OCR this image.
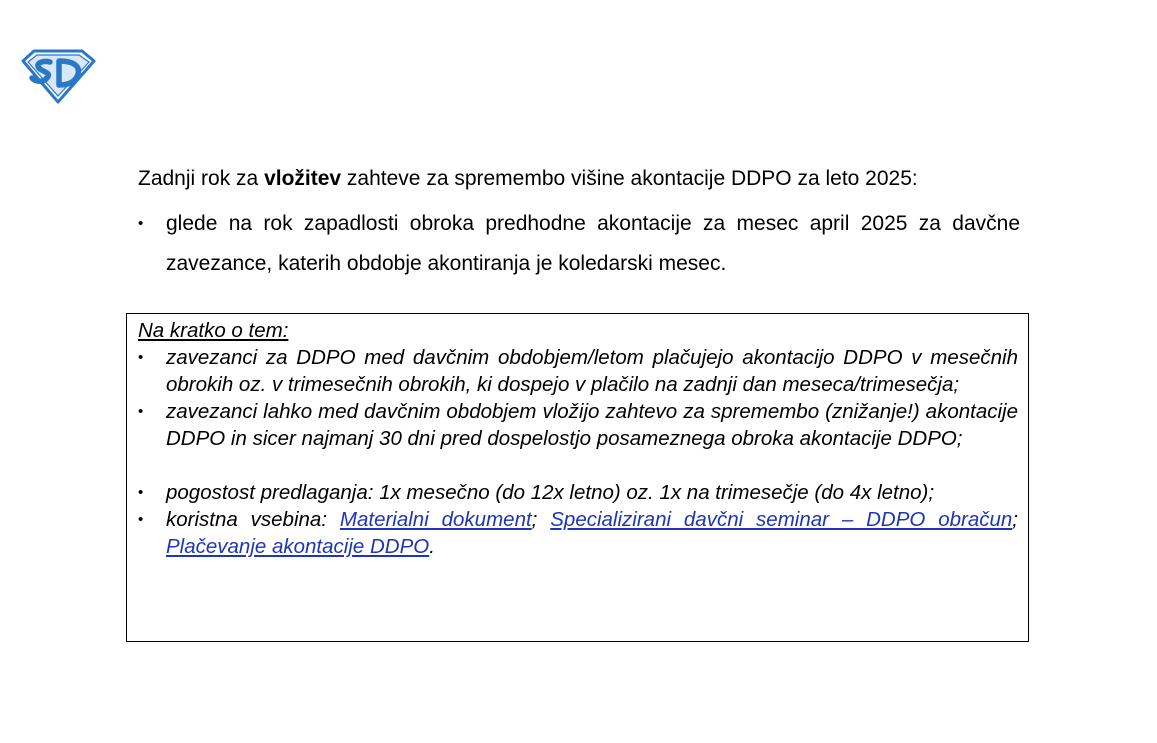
Zadnji rok za vložitev zahteve za spremembo višine akontacije DDPO za leto 2025:

• glede na rok zapadlosti obroka predhodne akontacije za mesec april 2025 za davčne zavezance, katerih obdobje akontiranja je koledarski mesec.

Na kratko o tem:

• zavezanci za DDPO med davčnim obdobjem/letom plačujejo akontacijo DDPO v mesečnih obrokih oz. v trimesečnih obrokih, ki dospejo v plačilo na zadnji dan meseca/trimesečja;
• zavezanci lahko med davčnim obdobjem vložijo zahtevo za spremembo (znižanje!) akontacije DDPO in sicer najmanj 30 dni pred dospelostjo posameznega obroka akontacije DDPO;
• pogostost predlaganja: 1x mesečno (do 12x letno) oz. 1x na trimesečje (do 4x letno);
• koristna vsebina: Materialni dokument; Specializirani davčni seminar – DDPO obračun; Plačevanje akontacije DDPO.
